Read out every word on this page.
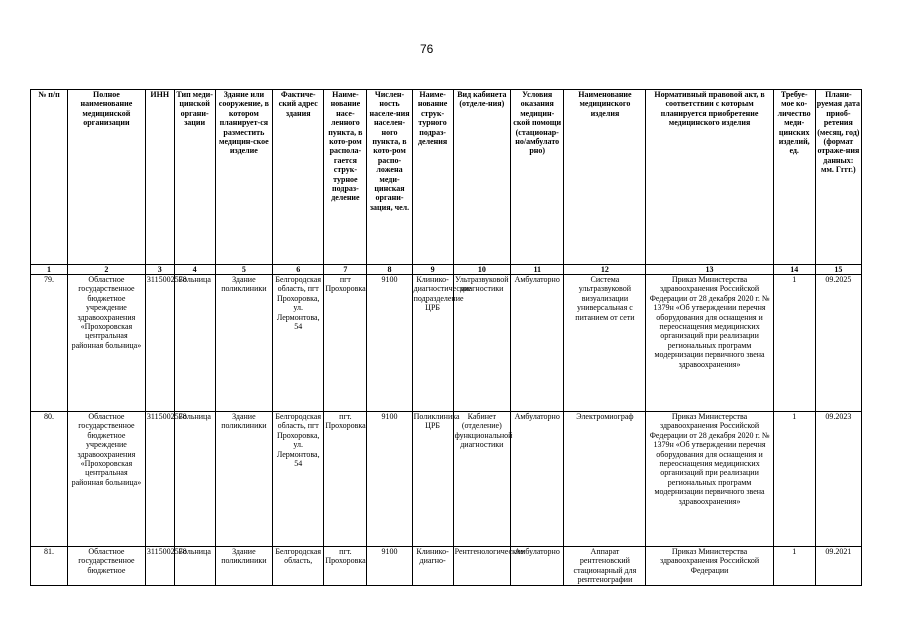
76
№ п/п	Полное наименование медицинской организации	ИНН	Тип меди-цинской органи-зации	Здание или сооружение, в котором планирует-ся разместить медицин-ское изделие	Фактиче-ский адрес здания	Наиме-нование насе-ленного пункта, в кото-ром распола-гается струк-турное подраз-деление	Числен-ность населе-ния населен-ного пункта, в кото-ром распо-ложена меди-цинская органи-зация, чел.	Наиме-нование струк-турного подраз-деления	Вид кабинета (отделе-ния)	Условия оказания медицин-ской помощи (стационар-но/амбулато рно)	Наименование медицинского изделия	Нормативный правовой акт, в соответствии с которым планируется приобретение медицинского изделия	Требуе-мое ко-личество меди-цинских изделий, ед.	Плани-руемая дата приоб-ретения (месяц, год) (формат отраже-ния данных: мм. Гггг.)
1	2	3	4	5	6	7	8	9	10	11	12	13	14	15
79.	Областное государственное бюджетное учреждение здравоохранения «Прохоровская центральная районная больница»	3115002578	Больница	Здание поликлиники	Белгородская область, пгт Прохоровка, ул. Лермонтова, 54	пгт Прохоровка	9100	Клинико-диагностическое подразделение ЦРБ	Ультразвуковой диагностики	Амбулаторно	Система ультразвуковой визуализации универсальная с питанием от сети	Приказ Министерства здравоохранения Российской Федерации от 28 декабря 2020 г. № 1379н «Об утверждении перечня оборудования для оснащения и переоснащения медицинских организаций при реализации региональных программ модернизации первичного звена здравоохранения»	1	09.2025
80.	Областное государственное бюджетное учреждение здравоохранения «Прохоровская центральная районная больница»	3115002578	Больница	Здание поликлиники	Белгородская область, пгт Прохоровка, ул. Лермонтова, 54	пгт. Прохоровка	9100	Поликлиника ЦРБ	Кабинет (отделение) функциональной диагностики	Амбулаторно	Электромиограф	Приказ Министерства здравоохранения Российской Федерации от 28 декабря 2020 г. № 1379н «Об утверждении перечня оборудования для оснащения и переоснащения медицинских организаций при реализации региональных программ модернизации первичного звена здравоохранения»	1	09.2023
81.	Областное государственное бюджетное	3115002578	Больница	Здание поликлиники	Белгородская область,	пгт. Прохоровка	9100	Клинико-диагно-	Рентгенологические	Амбулаторно	Аппарат рентгеновский стационарный для рентгенографии	Приказ Министерства здравоохранения Российской Федерации	1	09.2021
